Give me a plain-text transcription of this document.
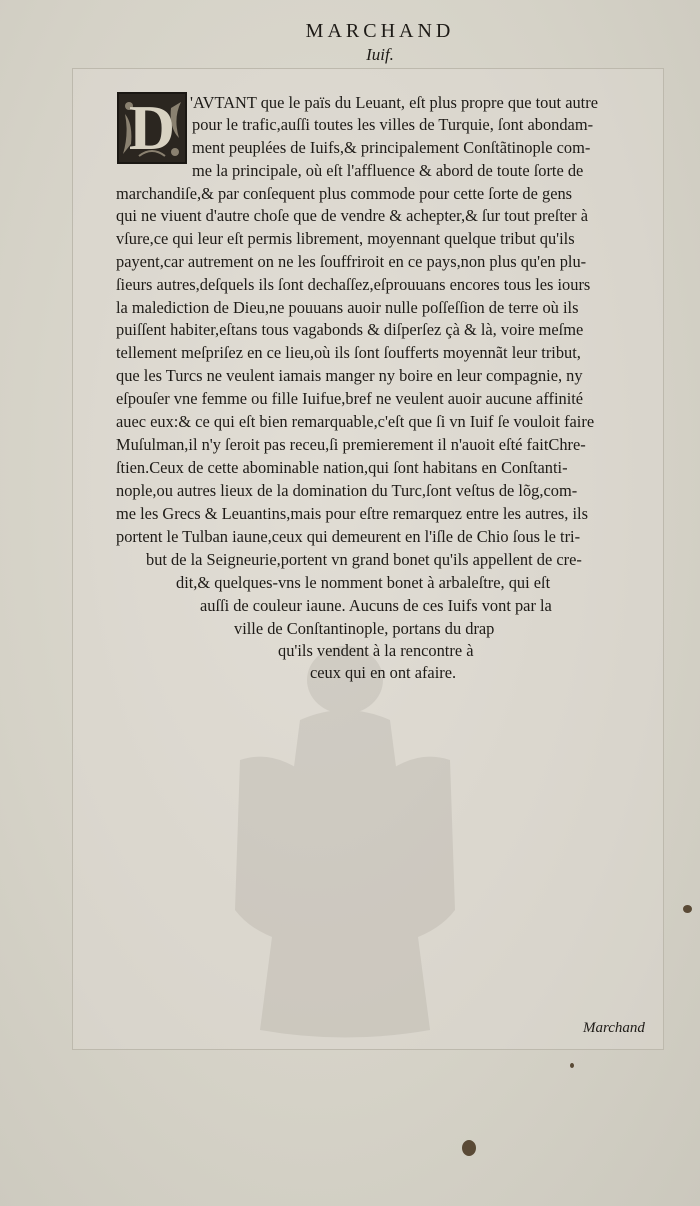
MARCHAND
Iuif.
D 'AVTANT que le païs du Leuant, eſt plus propre que tout autre
pour le trafic,auſſi toutes les villes de Turquie, ſont abondam-
ment peuplées de Iuifs,& principalement Conſtãtinople com-
me la principale, où eſt l'affluence & abord de toute ſorte de
marchandiſe,& par conſequent plus commode pour cette ſorte de gens
qui ne viuent d'autre choſe que de vendre & achepter,& ſur tout preſter à
vſure,ce qui leur eſt permis librement, moyennant quelque tribut qu'ils
payent,car autrement on ne les ſouffriroit en ce pays,non plus qu'en plu-
ſieurs autres,deſquels ils ſont dechaſſez,eſprouuans encores tous les iours
la malediction de Dieu,ne pouuans auoir nulle poſſeſſion de terre où ils
puiſſent habiter,eſtans tous vagabonds & diſperſez çà & là, voire meſme
tellement meſpriſez en ce lieu,où ils ſont ſoufferts moyennãt leur tribut,
que les Turcs ne veulent iamais manger ny boire en leur compagnie, ny
eſpouſer vne femme ou fille Iuifue,bref ne veulent auoir aucune affinité
auec eux:& ce qui eſt bien remarquable,c'eſt que ſi vn Iuif ſe vouloit faire
Muſulman,il n'y ſeroit pas receu,ſi premierement il n'auoit eſté faitChre-
ſtien.Ceux de cette abominable nation,qui ſont habitans en Conſtanti-
nople,ou autres lieux de la domination du Turc,ſont veſtus de lõg,com-
me les Grecs & Leuantins,mais pour eſtre remarquez entre les autres, ils
portent le Tulban iaune,ceux qui demeurent en l'iſle de Chio ſous le tri-
but de la Seigneurie,portent vn grand bonet qu'ils appellent de cre-
dit,& quelques-vns le nomment bonet à arbaleſtre, qui eſt
auſſi de couleur iaune. Aucuns de ces Iuifs vont par la
ville de Conſtantinople, portans du drap
qu'ils vendent à la rencontre à
ceux qui en ont afaire.
Marchand
